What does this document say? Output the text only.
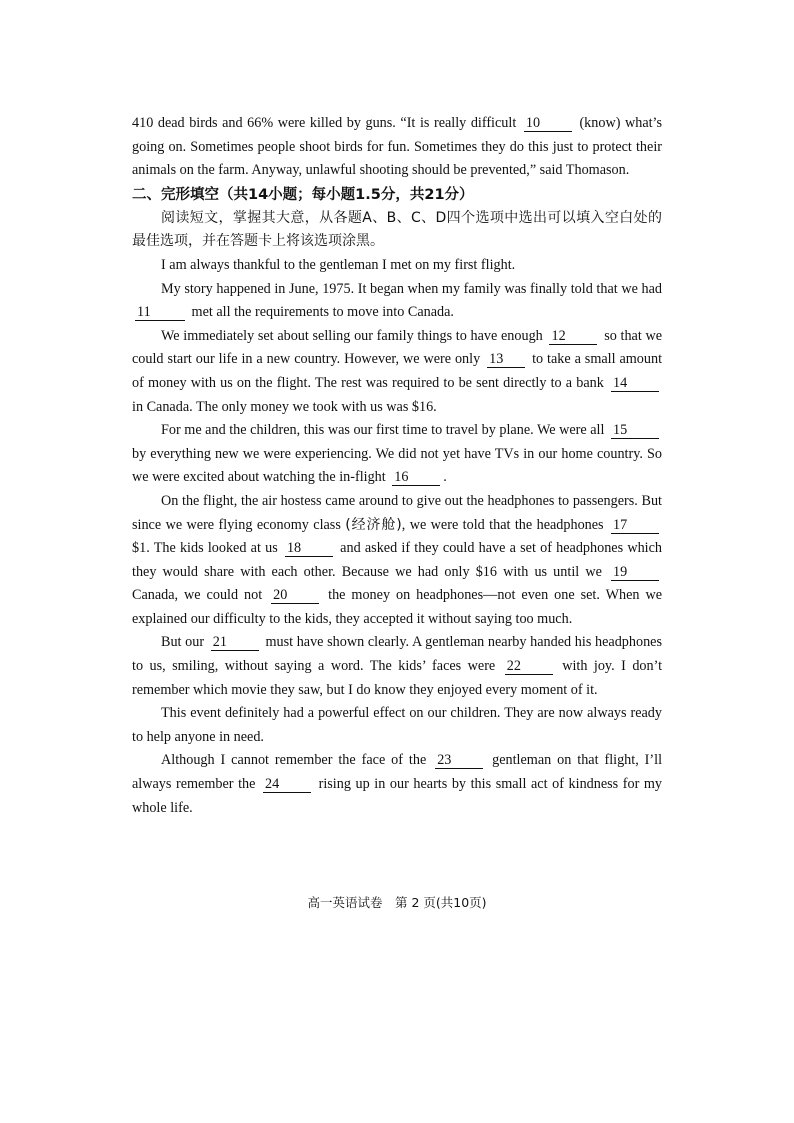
410 dead birds and 66% were killed by guns. “It is really difficult 10	(know) what’s going on. Sometimes people shoot birds for fun. Sometimes they do this just to protect their animals on the farm. Anyway, unlawful shooting should be prevented,” said Thomason.

二、完形填空（共14小题；每小题1.5分，共21分）

阅读短文，掌握其大意，从各题A、B、C、D四个选项中选出可以填入空白处的最佳选项，并在答题卡上将该选项涂黑。

I am always thankful to the gentleman I met on my first flight.

My story happened in June, 1975. It began when my family was finally told that we had 11	met all the requirements to move into Canada.

We immediately set about selling our family things to have enough 12	so that we could start our life in a new country. However, we were only 13 to take a small amount of money with us on the flight. The rest was required to be sent directly to a bank 14 in Canada. The only money we took with us was $16.

For me and the children, this was our first time to travel by plane. We were all 15 by everything new we were experiencing. We did not yet have TVs in our home country. So we were excited about watching the in-flight 16 .

On the flight, the air hostess came around to give out the headphones to passengers. But since we were flying economy class (经济舱), we were told that the headphones 17 $1. The kids looked at us 18	and asked if they could have a set of headphones which they would share with each other. Because we had only $16 with us until we 19 Canada, we could not 20	the money on headphones—not even one set. When we explained our difficulty to the kids, they accepted it without saying too much.

But our 21	must have shown clearly. A gentleman nearby handed his headphones to us, smiling, without saying a word. The kids’ faces were 22	with joy. I don’t remember which movie they saw, but I do know they enjoyed every moment of it.

This event definitely had a powerful effect on our children. They are now always ready to help anyone in need.

Although I cannot remember the face of the 23	gentleman on that flight, I’ll always remember the 24	rising up in our hearts by this small act of kindness for my whole life.

高一英语试卷　第 2 页(共10页)
